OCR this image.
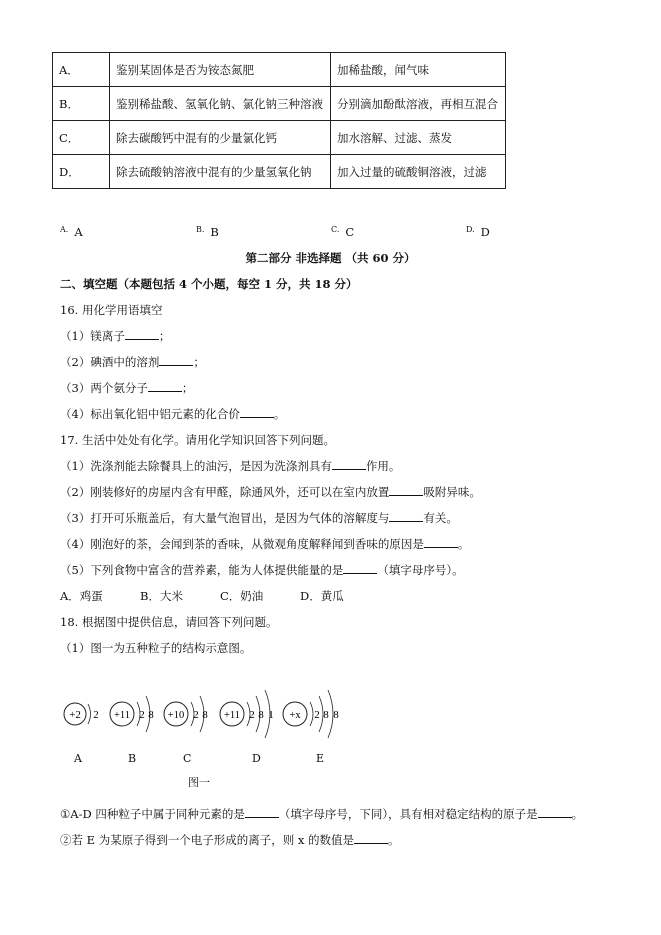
A．	鉴别某固体是否为铵态氮肥	加稀盐酸，闻气味
B．	鉴别稀盐酸、氢氧化钠、氯化钠三种溶液	分别滴加酚酞溶液，再相互混合
C．	除去碳酸钙中混有的少量氯化钙	加水溶解、过滤、蒸发
D．	除去硫酸钠溶液中混有的少量氢氧化钠	加入过量的硫酸铜溶液，过滤
$^{A.}$ A	$^{B.}$ B	$^{C.}$ C	$^{D.}$ D
第二部分 非选择题 （共 60 分）
二、填空题（本题包括 4 个小题，每空 1 分，共 18 分）
16. 用化学用语填空
（1）镁离子	；
（2）碘酒中的溶剂	；
（3）两个氨分子	；
（4）标出氧化铝中铝元素的化合价	。
17. 生活中处处有化学。请用化学知识回答下列问题。
（1）洗涤剂能去除餐具上的油污，是因为洗涤剂具有	作用。
（2）刚装修好的房屋内含有甲醛，除通风外，还可以在室内放置	吸附异味。
（3）打开可乐瓶盖后，有大量气泡冒出，是因为气体的溶解度与	有关。
（4）刚泡好的茶，会闻到茶的香味，从微观角度解释闻到香味的原因是	。
（5）下列食物中富含的营养素，能为人体提供能量的是	（填字母序号）。
A．鸡蛋	B．大米	C．奶油	D．黄瓜
18. 根据图中提供信息，请回答下列问题。
（1）图一为五种粒子的结构示意图。
+2 2 +11 2 8 +10 2 8 +11 2 8 1 +x 2 8 8
A	B	C	D	E
图一
①A-D 四种粒子中属于同种元素的是	（填字母序号，下同），具有相对稳定结构的原子是	。
②若 E 为某原子得到一个电子形成的离子，则 x 的数值是	。
